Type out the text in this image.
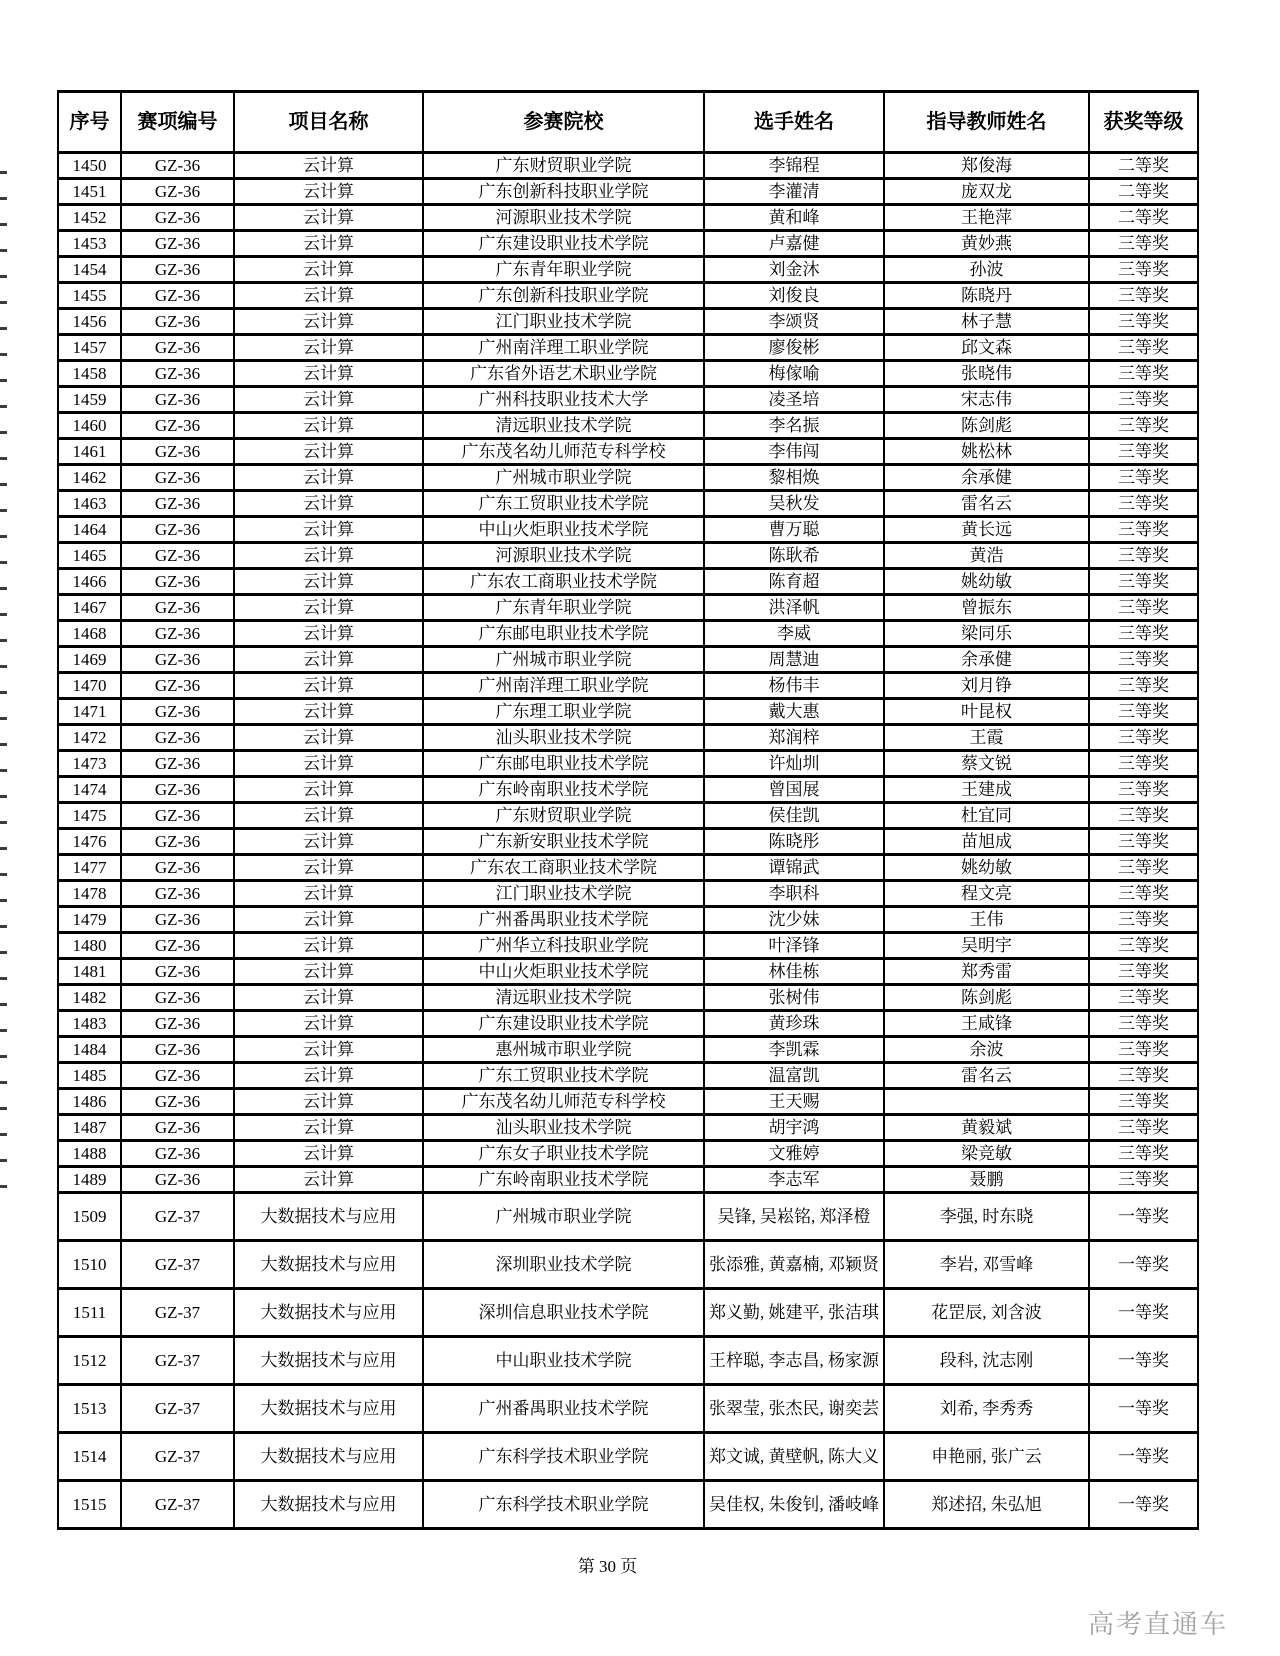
序号	赛项编号	项目名称	参赛院校	选手姓名	指导教师姓名	获奖等级
1450	GZ-36	云计算	广东财贸职业学院	李锦程	郑俊海	二等奖
1451	GZ-36	云计算	广东创新科技职业学院	李灌清	庞双龙	二等奖
1452	GZ-36	云计算	河源职业技术学院	黄和峰	王艳萍	二等奖
1453	GZ-36	云计算	广东建设职业技术学院	卢嘉健	黄妙燕	三等奖
1454	GZ-36	云计算	广东青年职业学院	刘金沐	孙波	三等奖
1455	GZ-36	云计算	广东创新科技职业学院	刘俊良	陈晓丹	三等奖
1456	GZ-36	云计算	江门职业技术学院	李颂贤	林子慧	三等奖
1457	GZ-36	云计算	广州南洋理工职业学院	廖俊彬	邱文森	三等奖
1458	GZ-36	云计算	广东省外语艺术职业学院	梅傢喻	张晓伟	三等奖
1459	GZ-36	云计算	广州科技职业技术大学	凌圣培	宋志伟	三等奖
1460	GZ-36	云计算	清远职业技术学院	李名振	陈剑彪	三等奖
1461	GZ-36	云计算	广东茂名幼儿师范专科学校	李伟闯	姚松林	三等奖
1462	GZ-36	云计算	广州城市职业学院	黎相焕	余承健	三等奖
1463	GZ-36	云计算	广东工贸职业技术学院	吴秋发	雷名云	三等奖
1464	GZ-36	云计算	中山火炬职业技术学院	曹万聪	黄长远	三等奖
1465	GZ-36	云计算	河源职业技术学院	陈耿希	黄浩	三等奖
1466	GZ-36	云计算	广东农工商职业技术学院	陈育超	姚幼敏	三等奖
1467	GZ-36	云计算	广东青年职业学院	洪泽帆	曾振东	三等奖
1468	GZ-36	云计算	广东邮电职业技术学院	李威	梁同乐	三等奖
1469	GZ-36	云计算	广州城市职业学院	周慧迪	余承健	三等奖
1470	GZ-36	云计算	广州南洋理工职业学院	杨伟丰	刘月铮	三等奖
1471	GZ-36	云计算	广东理工职业学院	戴大惠	叶昆权	三等奖
1472	GZ-36	云计算	汕头职业技术学院	郑润梓	王霞	三等奖
1473	GZ-36	云计算	广东邮电职业技术学院	许灿圳	蔡文锐	三等奖
1474	GZ-36	云计算	广东岭南职业技术学院	曾国展	王建成	三等奖
1475	GZ-36	云计算	广东财贸职业学院	侯佳凯	杜宜同	三等奖
1476	GZ-36	云计算	广东新安职业技术学院	陈晓彤	苗旭成	三等奖
1477	GZ-36	云计算	广东农工商职业技术学院	谭锦武	姚幼敏	三等奖
1478	GZ-36	云计算	江门职业技术学院	李职科	程文亮	三等奖
1479	GZ-36	云计算	广州番禺职业技术学院	沈少妹	王伟	三等奖
1480	GZ-36	云计算	广州华立科技职业学院	叶泽锋	吴明宇	三等奖
1481	GZ-36	云计算	中山火炬职业技术学院	林佳栋	郑秀雷	三等奖
1482	GZ-36	云计算	清远职业技术学院	张树伟	陈剑彪	三等奖
1483	GZ-36	云计算	广东建设职业技术学院	黄珍珠	王咸锋	三等奖
1484	GZ-36	云计算	惠州城市职业学院	李凯霖	余波	三等奖
1485	GZ-36	云计算	广东工贸职业技术学院	温富凯	雷名云	三等奖
1486	GZ-36	云计算	广东茂名幼儿师范专科学校	王天赐		三等奖
1487	GZ-36	云计算	汕头职业技术学院	胡宇鸿	黄毅斌	三等奖
1488	GZ-36	云计算	广东女子职业技术学院	文雅婷	梁竞敏	三等奖
1489	GZ-36	云计算	广东岭南职业技术学院	李志军	聂鹏	三等奖
1509	GZ-37	大数据技术与应用	广州城市职业学院	吴锋, 吴崧铭, 郑泽橙	李强, 时东晓	一等奖
1510	GZ-37	大数据技术与应用	深圳职业技术学院	张添雅, 黄嘉楠, 邓颖贤	李岩, 邓雪峰	一等奖
1511	GZ-37	大数据技术与应用	深圳信息职业技术学院	郑义勤, 姚建平, 张洁琪	花罡辰, 刘含波	一等奖
1512	GZ-37	大数据技术与应用	中山职业技术学院	王梓聪, 李志昌, 杨家源	段科, 沈志刚	一等奖
1513	GZ-37	大数据技术与应用	广州番禺职业技术学院	张翠莹, 张杰民, 谢奕芸	刘希, 李秀秀	一等奖
1514	GZ-37	大数据技术与应用	广东科学技术职业学院	郑文诚, 黄壁帆, 陈大义	申艳丽, 张广云	一等奖
1515	GZ-37	大数据技术与应用	广东科学技术职业学院	吴佳权, 朱俊钊, 潘岐峰	郑述招, 朱弘旭	一等奖
第 30 页
高考直通车
